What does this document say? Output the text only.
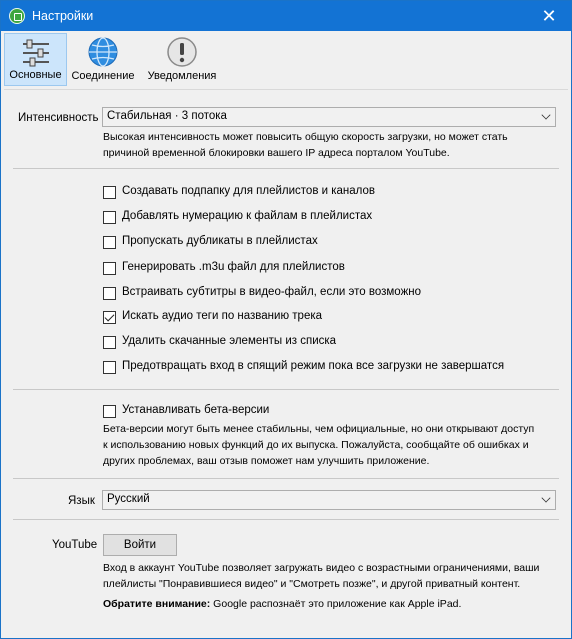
Настройки	✕
Основные Соединение	Уведомления
Интенсивность Стабильная · 3 потока
Высокая интенсивность может повысить общую скорость загрузки, но может стать
причиной временной блокировки вашего IP адреса порталом YouTube.
Создавать подпапку для плейлистов и каналов
Добавлять нумерацию к файлам в плейлистах
Пропускать дубликаты в плейлистах
Генерировать .m3u файл для плейлистов
Встраивать субтитры в видео-файл, если это возможно
Искать аудио теги по названию трека
Удалить скачанные элементы из списка
Предотвращать вход в спящий режим пока все загрузки не завершатся
Устанавливать бета-версии
Бета-версии могут быть менее стабильны, чем официальные, но они открывают доступ
к использованию новых функций до их выпуска. Пожалуйста, сообщайте об ошибках и
других проблемах, ваш отзыв поможет нам улучшить приложение.
Язык	Русский
YouTube	Войти
Вход в аккаунт YouTube позволяет загружать видео с возрастными ограничениями, ваши
плейлисты "Понравившиеся видео" и "Смотреть позже", и другой приватный контент.
Обратите внимание: Google распознаёт это приложение как Apple iPad.
